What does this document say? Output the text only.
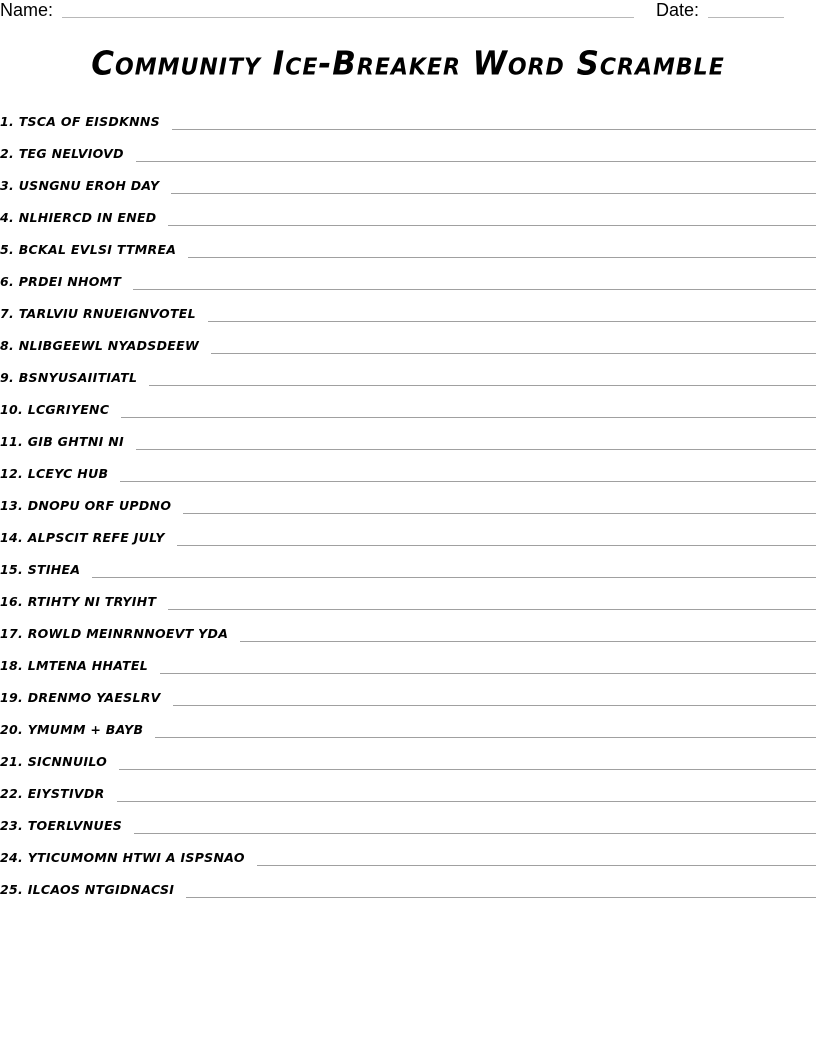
Name:	Date:
Community Ice-Breaker Word Scramble
1. TSCA OF EISDKNNS
2. TEG NELVIOVD
3. USNGNU EROH DAY
4. NLHIERCD IN ENED
5. BCKAL EVLSI TTMREA
6. PRDEI NHOMT
7. TARLVIU RNUEIGNVOTEL
8. NLIBGEEWL NYADSDEEW
9. BSNYUSAIITIATL
10. LCGRIYENC
11. GIB GHTNI NI
12. LCEYC HUB
13. DNOPU ORF UPDNO
14. ALPSCIT REFE JULY
15. STIHEA
16. RTIHTY NI TRYIHT
17. ROWLD MEINRNNOEVT YDA
18. LMTENA HHATEL
19. DRENMO YAESLRV
20. YMUMM + BAYB
21. SICNNUILO
22. EIYSTIVDR
23. TOERLVNUES
24. YTICUMOMN HTWI A ISPSNAO
25. ILCAOS NTGIDNACSI
